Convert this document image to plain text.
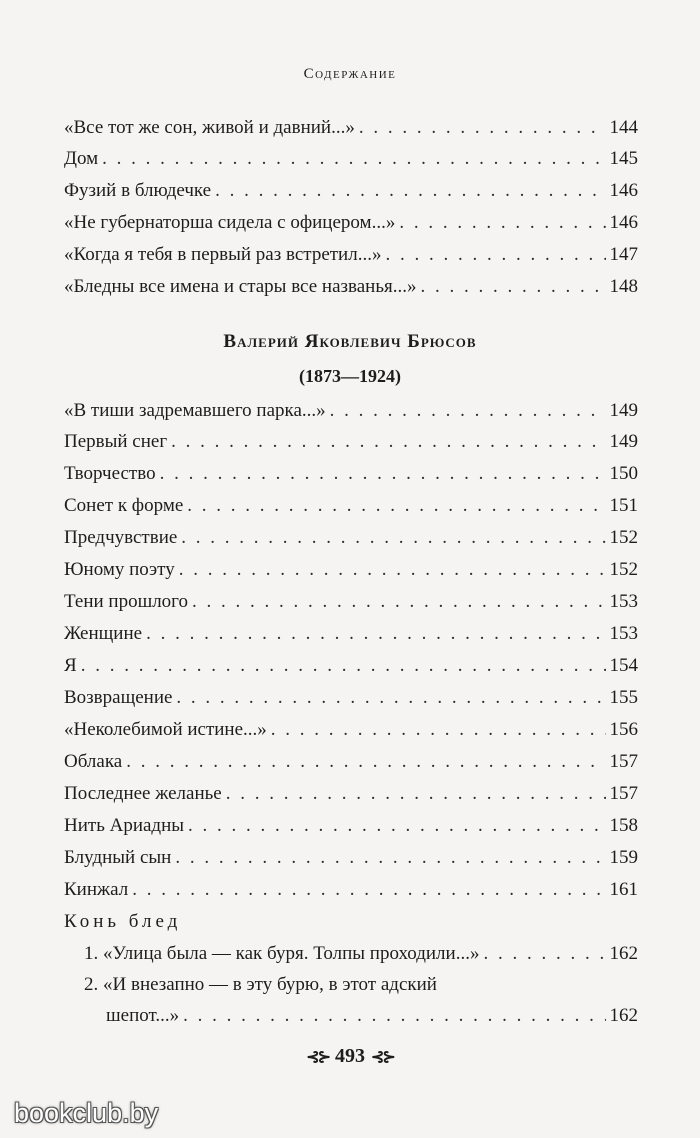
Содержание
«Все тот же сон, живой и давний...» . . .	144
Дом . . .	145
Фузий в блюдечке . . .	146
«Не губернаторша сидела с офицером...» . . .	146
«Когда я тебя в первый раз встретил...» . . .	147
«Бледны все имена и стары все названья...» . . .	148
«В тиши задремавшего парка...» . . .	149
Первый снег . . .	149
Творчество . . .	150
Сонет к форме . . .	151
Предчувствие . . .	152
Юному поэту . . .	152
Тени прошлого . . .	153
Женщине . . .	153
Я . . .	154
Возвращение . . .	155
«Неколебимой истине...» . . .	156
Облака . . .	157
Последнее желанье . . .	157
Нить Ариадны . . .	158
Блудный сын . . .	159
Кинжал . . .	161
1. «Улица была — как буря. Толпы проходили...» . . .	162
2. «И внезапно — в эту бурю, в этот адский
шепот...» . . .	162
Валерий Яковлевич Брюсов
(1873—1924)
Конь блед
⊰⊱ 493 ⊰⊱
bookclub.by
